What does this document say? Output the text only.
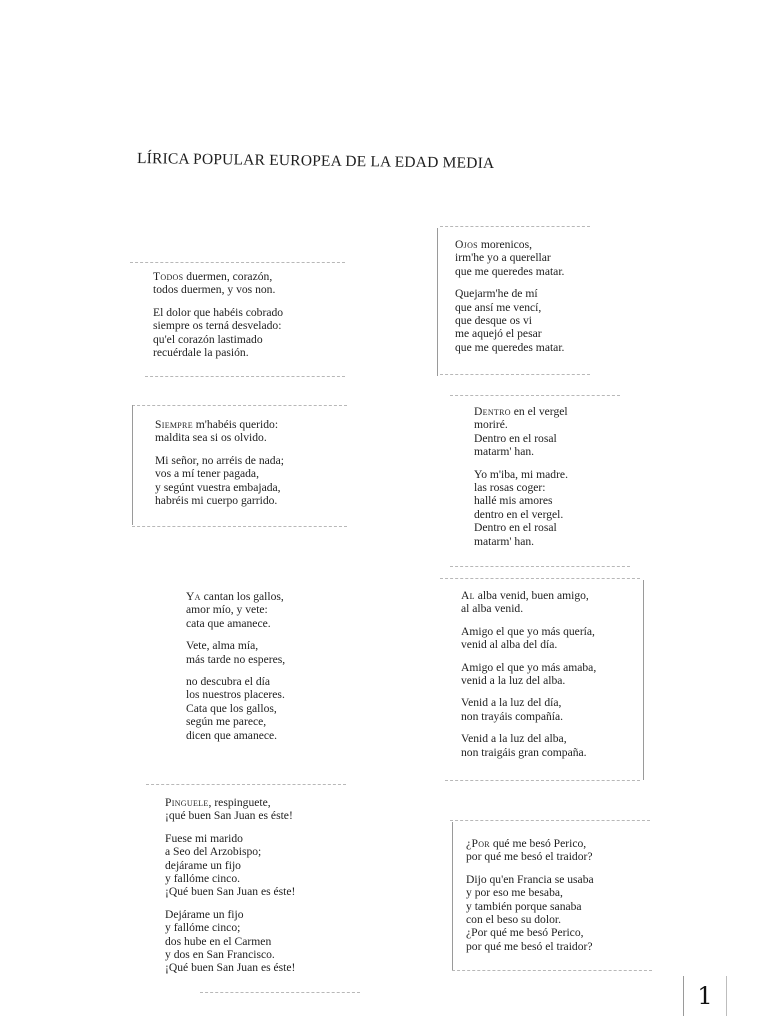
LÍRICA POPULAR EUROPEA DE LA EDAD MEDIA
Todos duermen, corazón,
todos duermen, y vos non.
El dolor que habéis cobrado
siempre os terná desvelado:
qu'el corazón lastimado
recuérdale la pasión.
Ojos morenicos,
irm'he yo a querellar
que me queredes matar.
Quejarm'he de mí
que ansí me vencí,
que desque os vi
me aquejó el pesar
que me queredes matar.
Siempre m'habéis querido:
maldita sea si os olvido.
Mi señor, no arréis de nada;
vos a mí tener pagada,
y segúnt vuestra embajada,
habréis mi cuerpo garrido.
Dentro en el vergel
moriré.
Dentro en el rosal
matarm' han.
Yo m'iba, mi madre.
las rosas coger:
hallé mis amores
dentro en el vergel.
Dentro en el rosal
matarm' han.
Ya cantan los gallos,
amor mío, y vete:
cata que amanece.
Vete, alma mía,
más tarde no esperes,
no descubra el día
los nuestros placeres.
Cata que los gallos,
según me parece,
dicen que amanece.
Al alba venid, buen amigo,
al alba venid.
Amigo el que yo más quería,
venid al alba del día.
Amigo el que yo más amaba,
venid a la luz del alba.
Venid a la luz del día,
non trayáis compañía.
Venid a la luz del alba,
non traigáis gran compaña.
Pinguele, respinguete,
¡qué buen San Juan es éste!
Fuese mi marido
a Seo del Arzobispo;
dejárame un fijo
y fallóme cinco.
¡Qué buen San Juan es éste!
Dejárame un fijo
y fallóme cinco;
dos hube en el Carmen
y dos en San Francisco.
¡Qué buen San Juan es éste!
¿Por qué me besó Perico,
por qué me besó el traidor?
Dijo qu'en Francia se usaba
y por eso me besaba,
y también porque sanaba
con el beso su dolor.
¿Por qué me besó Perico,
por qué me besó el traidor?
1
